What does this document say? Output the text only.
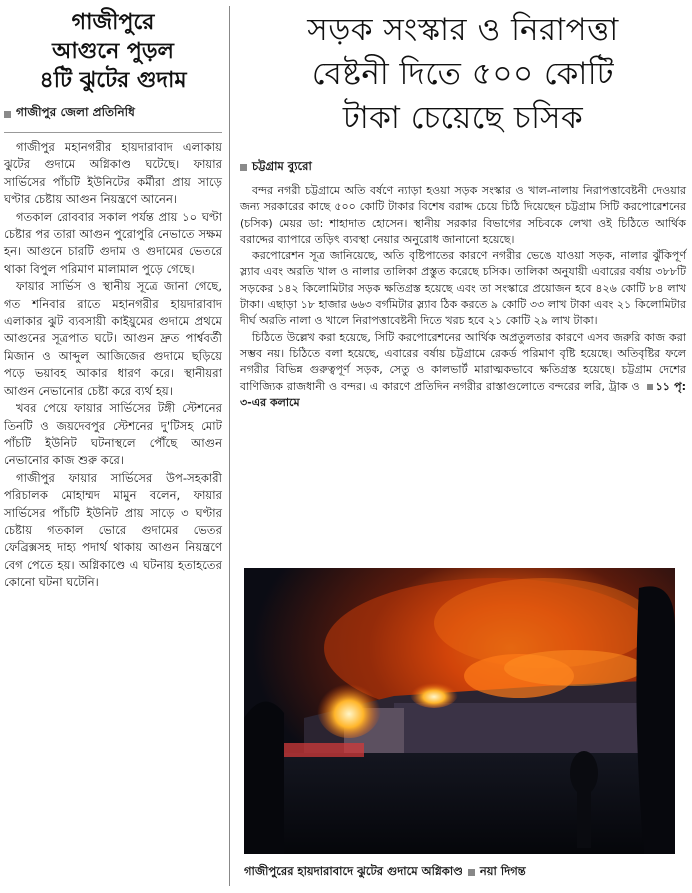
গাজীপুরে
আগুনে পুড়ল
৪টি ঝুটের গুদাম
গাজীপুর জেলা প্রতিনিধি

গাজীপুর মহানগরীর হায়দারাবাদ এলাকায় ঝুটের গুদামে অগ্নিকাণ্ড ঘটেছে। ফায়ার সার্ভিসের পাঁচটি ইউনিটের কর্মীরা প্রায় সাড়ে ঘণ্টার চেষ্টায় আগুন নিয়ন্ত্রণে আনেন।

গতকাল রোববার সকাল পর্যন্ত প্রায় ১০ ঘণ্টা চেষ্টার পর তারা আগুন পুরোপুরি নেভাতে সক্ষম হন। আগুনে চারটি গুদাম ও গুদামের ভেতরে থাকা বিপুল পরিমাণ মালামাল পুড়ে গেছে।

ফায়ার সার্ভিস ও স্থানীয় সূত্রে জানা গেছে, গত শনিবার রাতে মহানগরীর হায়দারাবাদ এলাকার ঝুট ব্যবসায়ী কাইয়ুমের গুদামে প্রথমে আগুনের সূত্রপাত ঘটে। আগুন দ্রুত পার্শ্ববর্তী মিজান ও আব্দুল আজিজের গুদামে ছড়িয়ে পড়ে ভয়াবহ আকার ধারণ করে। স্থানীয়রা আগুন নেভানোর চেষ্টা করে ব্যর্থ হয়।

খবর পেয়ে ফায়ার সার্ভিসের টঙ্গী স্টেশনের তিনটি ও জয়দেবপুর স্টেশনের দু'টিসহ মোট পাঁচটি ইউনিট ঘটনাস্থলে পৌঁছে আগুন নেভানোর কাজ শুরু করে।

গাজীপুর ফায়ার সার্ভিসের উপ-সহকারী পরিচালক মোহাম্মদ মামুন বলেন, ফায়ার সার্ভিসের পাঁচটি ইউনিট প্রায় সাড়ে ৩ ঘণ্টার চেষ্টায় গতকাল ভোরে গুদামের ভেতর ফেব্রিক্সসহ দাহ্য পদার্থ থাকায় আগুন নিয়ন্ত্রণে বেগ পেতে হয়। অগ্নিকাণ্ডে এ ঘটনায় হতাহতের কোনো ঘটনা ঘটেনি।

সড়ক সংস্কার ও নিরাপত্তা
বেষ্টনী দিতে ৫০০ কোটি
টাকা চেয়েছে চসিক
চট্টগ্রাম ব্যুরো

বন্দর নগরী চট্টগ্রামে অতি বর্ষণে ন্যাড়া হওয়া সড়ক সংস্কার ও খাল-নালায় নিরাপত্তাবেষ্টনী দেওয়ার জন্য সরকারের কাছে ৫০০ কোটি টাকার বিশেষ বরাদ্দ চেয়ে চিঠি দিয়েছেন চট্টগ্রাম সিটি করপোরেশনের (চসিক) মেয়র ডা: শাহাদাত হোসেন। স্থানীয় সরকার বিভাগের সচিবকে লেখা ওই চিঠিতে আর্থিক বরাদ্দের ব্যাপারে তড়িৎ ব্যবস্থা নেয়ার অনুরোধ জানানো হয়েছে।

করপোরেশন সূত্র জানিয়েছে, অতি বৃষ্টিপাতের কারণে নগরীর ভেঙে যাওয়া সড়ক, নালার ঝুঁকিপূর্ণ স্ল্যাব এবং অরতি খাল ও নালার তালিকা প্রস্তুত করেছে চসিক। তালিকা অনুযায়ী এবারের বর্ষায় ৩৮৮টি সড়কের ১৪২ কিলোমিটার সড়ক ক্ষতিগ্রস্ত হয়েছে এবং তা সংস্কারে প্রয়োজন হবে ৪২৬ কোটি ৮৪ লাখ টাকা। এছাড়া ১৮ হাজার ৬৬৩ বর্গমিটার স্ল্যাব ঠিক করতে ৯ কোটি ৩৩ লাখ টাকা এবং ২১ কিলোমিটার দীর্ঘ অরতি নালা ও খালে নিরাপত্তাবেষ্টনী দিতে খরচ হবে ২১ কোটি ২৯ লাখ টাকা।

চিঠিতে উল্লেখ করা হয়েছে, সিটি করপোরেশনের আর্থিক অপ্রতুলতার কারণে এসব জরুরি কাজ করা সম্ভব নয়। চিঠিতে বলা হয়েছে, এবারের বর্ষায় চট্টগ্রামে রেকর্ড পরিমাণ বৃষ্টি হয়েছে। অতিবৃষ্টির ফলে নগরীর বিভিন্ন গুরুত্বপূর্ণ সড়ক, সেতু ও কালভার্ট মারাত্মকভাবে ক্ষতিগ্রস্ত হয়েছে। চট্টগ্রাম দেশের বাণিজ্যিক রাজধানী ও বন্দর। এ কারণে প্রতিদিন নগরীর রাস্তাগুলোতে বন্দরের লরি, ট্রাক ও ১১ পৃ: ৩-এর কলামে

গাজীপুরের হায়দারাবাদে ঝুটের গুদামে অগ্নিকাণ্ড নয়া দিগন্ত
